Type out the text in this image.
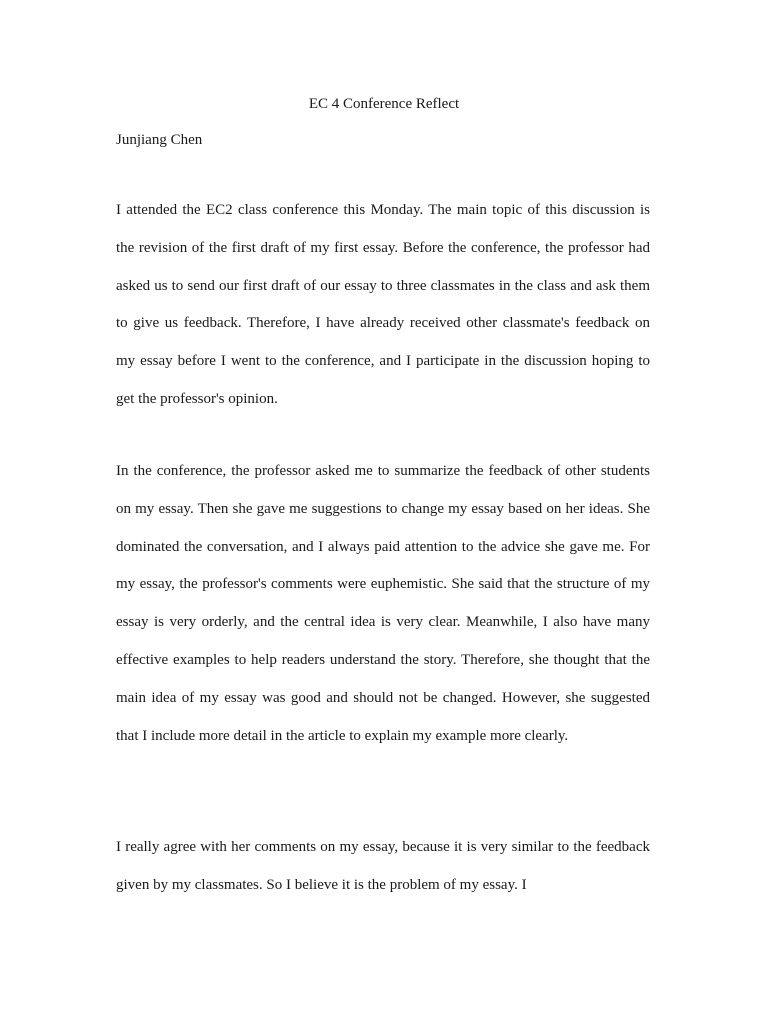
EC 4 Conference Reflect

Junjiang Chen

I attended the EC2 class conference this Monday. The main topic of this discussion is the revision of the first draft of my first essay. Before the conference, the professor had asked us to send our first draft of our essay to three classmates in the class and ask them to give us feedback. Therefore, I have already received other classmate's feedback on my essay before I went to the conference, and I participate in the discussion hoping to get the professor's opinion.

In the conference, the professor asked me to summarize the feedback of other students on my essay. Then she gave me suggestions to change my essay based on her ideas. She dominated the conversation, and I always paid attention to the advice she gave me. For my essay, the professor's comments were euphemistic. She said that the structure of my essay is very orderly, and the central idea is very clear. Meanwhile, I also have many effective examples to help readers understand the story. Therefore, she thought that the main idea of my essay was good and should not be changed. However, she suggested that I include more detail in the article to explain my example more clearly.

I really agree with her comments on my essay, because it is very similar to the feedback given by my classmates. So I believe it is the problem of my essay. I
